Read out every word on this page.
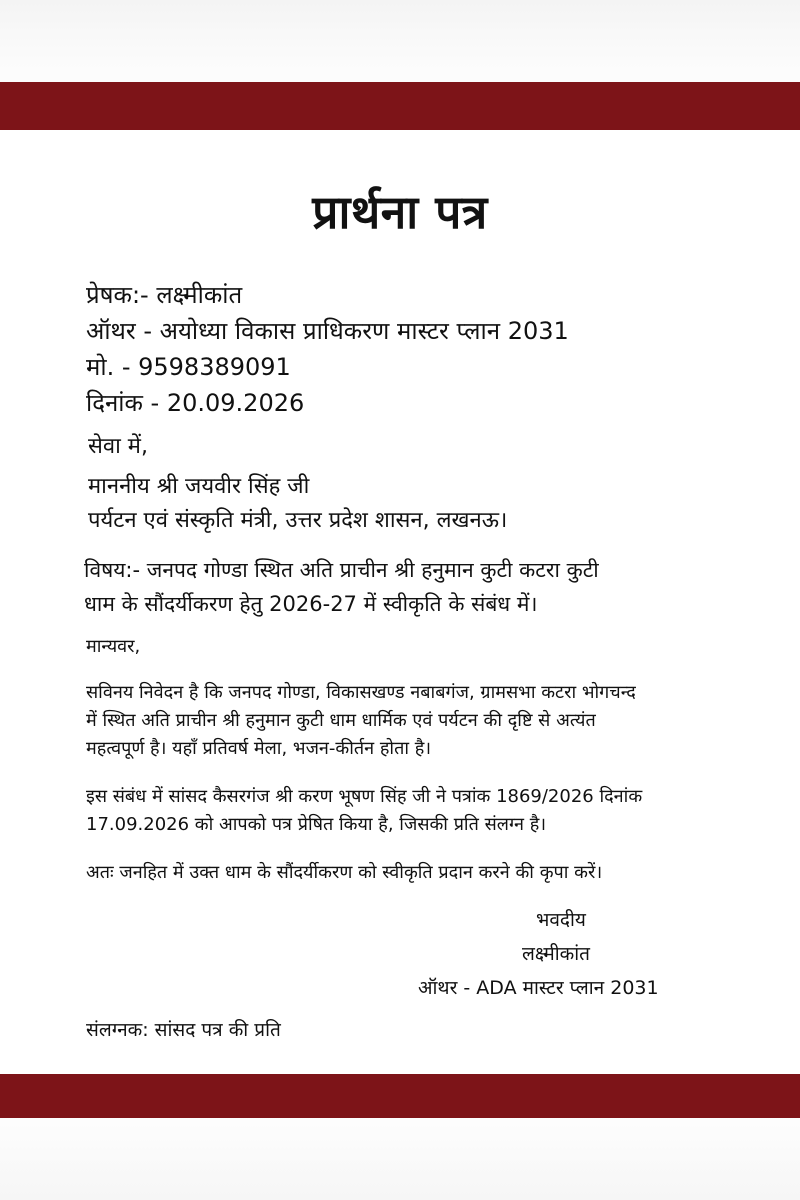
प्रार्थना पत्र
प्रेषक:- लक्ष्मीकांत
ऑथर - अयोध्या विकास प्राधिकरण मास्टर प्लान 2031
मो. - 9598389091
दिनांक - 20.09.2026
सेवा में,
माननीय श्री जयवीर सिंह जी
पर्यटन एवं संस्कृति मंत्री, उत्तर प्रदेश शासन, लखनऊ।
विषय:- जनपद गोण्डा स्थित अति प्राचीन श्री हनुमान कुटी कटरा कुटी
धाम के सौंदर्यीकरण हेतु 2026-27 में स्वीकृति के संबंध में।
मान्यवर,
सविनय निवेदन है कि जनपद गोण्डा, विकासखण्ड नबाबगंज, ग्रामसभा कटरा भोगचन्द
में स्थित अति प्राचीन श्री हनुमान कुटी धाम धार्मिक एवं पर्यटन की दृष्टि से अत्यंत
महत्वपूर्ण है। यहाँ प्रतिवर्ष मेला, भजन-कीर्तन होता है।
इस संबंध में सांसद कैसरगंज श्री करण भूषण सिंह जी ने पत्रांक 1869/2026 दिनांक
17.09.2026 को आपको पत्र प्रेषित किया है, जिसकी प्रति संलग्न है।
अतः जनहित में उक्त धाम के सौंदर्यीकरण को स्वीकृति प्रदान करने की कृपा करें।
भवदीय
लक्ष्मीकांत
ऑथर - ADA मास्टर प्लान 2031
संलग्नक: सांसद पत्र की प्रति
